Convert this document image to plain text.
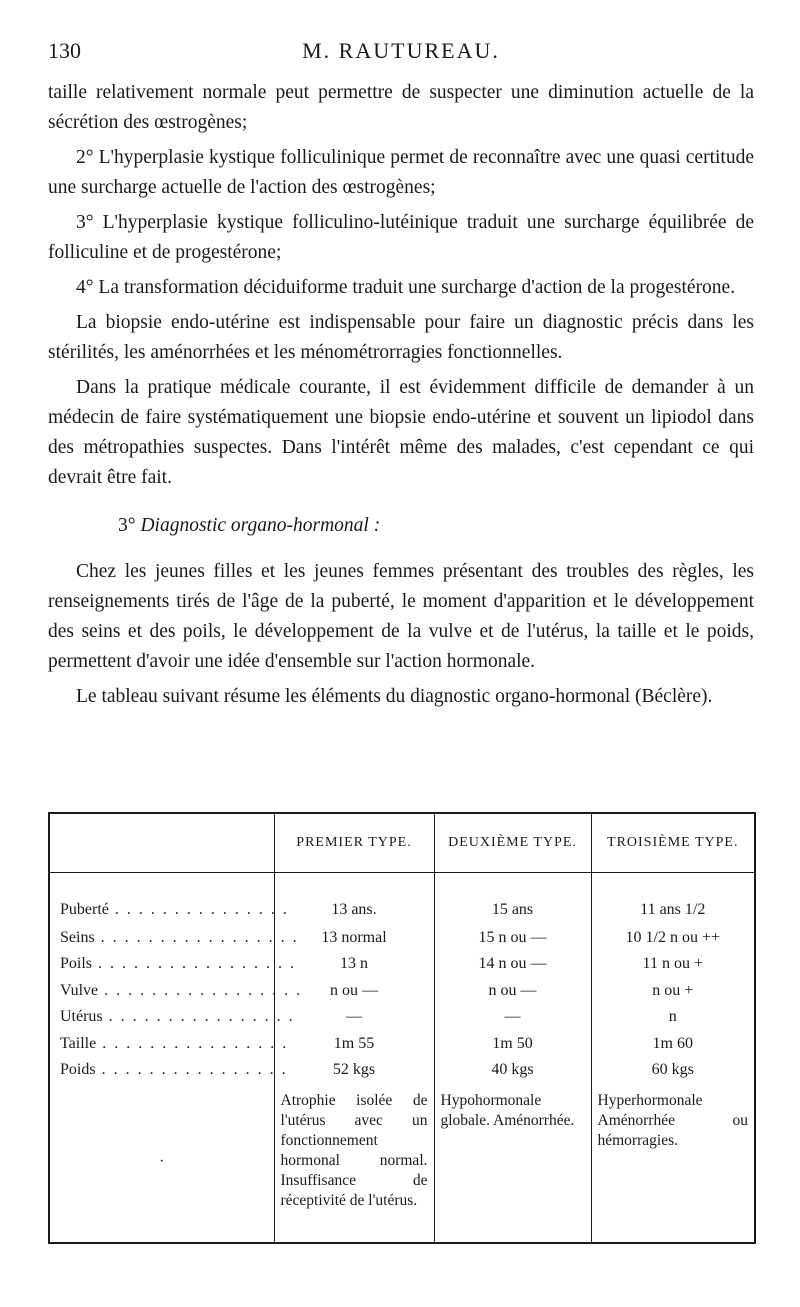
130	M. RAUTUREAU.

taille relativement normale peut permettre de suspecter une diminution actuelle de la sécrétion des œstrogènes;

2° L'hyperplasie kystique folliculinique permet de reconnaître avec une quasi certitude une surcharge actuelle de l'action des œstrogènes;

3° L'hyperplasie kystique folliculino-lutéinique traduit une surcharge équilibrée de folliculine et de progestérone;

4° La transformation déciduiforme traduit une surcharge d'action de la progestérone.

La biopsie endo-utérine est indispensable pour faire un diagnostic précis dans les stérilités, les aménorrhées et les ménométrorragies fonctionnelles.

Dans la pratique médicale courante, il est évidemment difficile de demander à un médecin de faire systématiquement une biopsie endo-utérine et souvent un lipiodol dans des métropathies suspectes. Dans l'intérêt même des malades, c'est cependant ce qui devrait être fait.

3° Diagnostic organo-hormonal :

Chez les jeunes filles et les jeunes femmes présentant des troubles des règles, les renseignements tirés de l'âge de la puberté, le moment d'apparition et le développement des seins et des poils, le développement de la vulve et de l'utérus, la taille et le poids, permettent d'avoir une idée d'ensemble sur l'action hormonale.

Le tableau suivant résume les éléments du diagnostic organo-hormonal (Béclère).

	PREMIER TYPE.	DEUXIÈME TYPE.	TROISIÈME TYPE.
Puberté . . . . . . . . . . . . . . .	13 ans.	15 ans	11 ans 1/2
Seins . . . . . . . . . . . . . . . . .	13 normal	15 n ou —	10 1/2 n ou ++
Poils . . . . . . . . . . . . . . . . .	13 n	14 n ou —	11 n ou +
Vulve . . . . . . . . . . . . . . . . .	n ou —	n ou —	n ou +
Utérus . . . . . . . . . . . . . . . .	—	—	n
Taille . . . . . . . . . . . . . . . .	1m 55	1m 50	1m 60
Poids . . . . . . . . . . . . . . . .	52 kgs	40 kgs	60 kgs
·	Atrophie isolée de l'utérus avec un fonctionnement hormonal normal. Insuffisance de réceptivité de l'utérus.	Hypohormonale globale. Aménorrhée.	Hyperhormonale Aménorrhée ou hémorragies.
